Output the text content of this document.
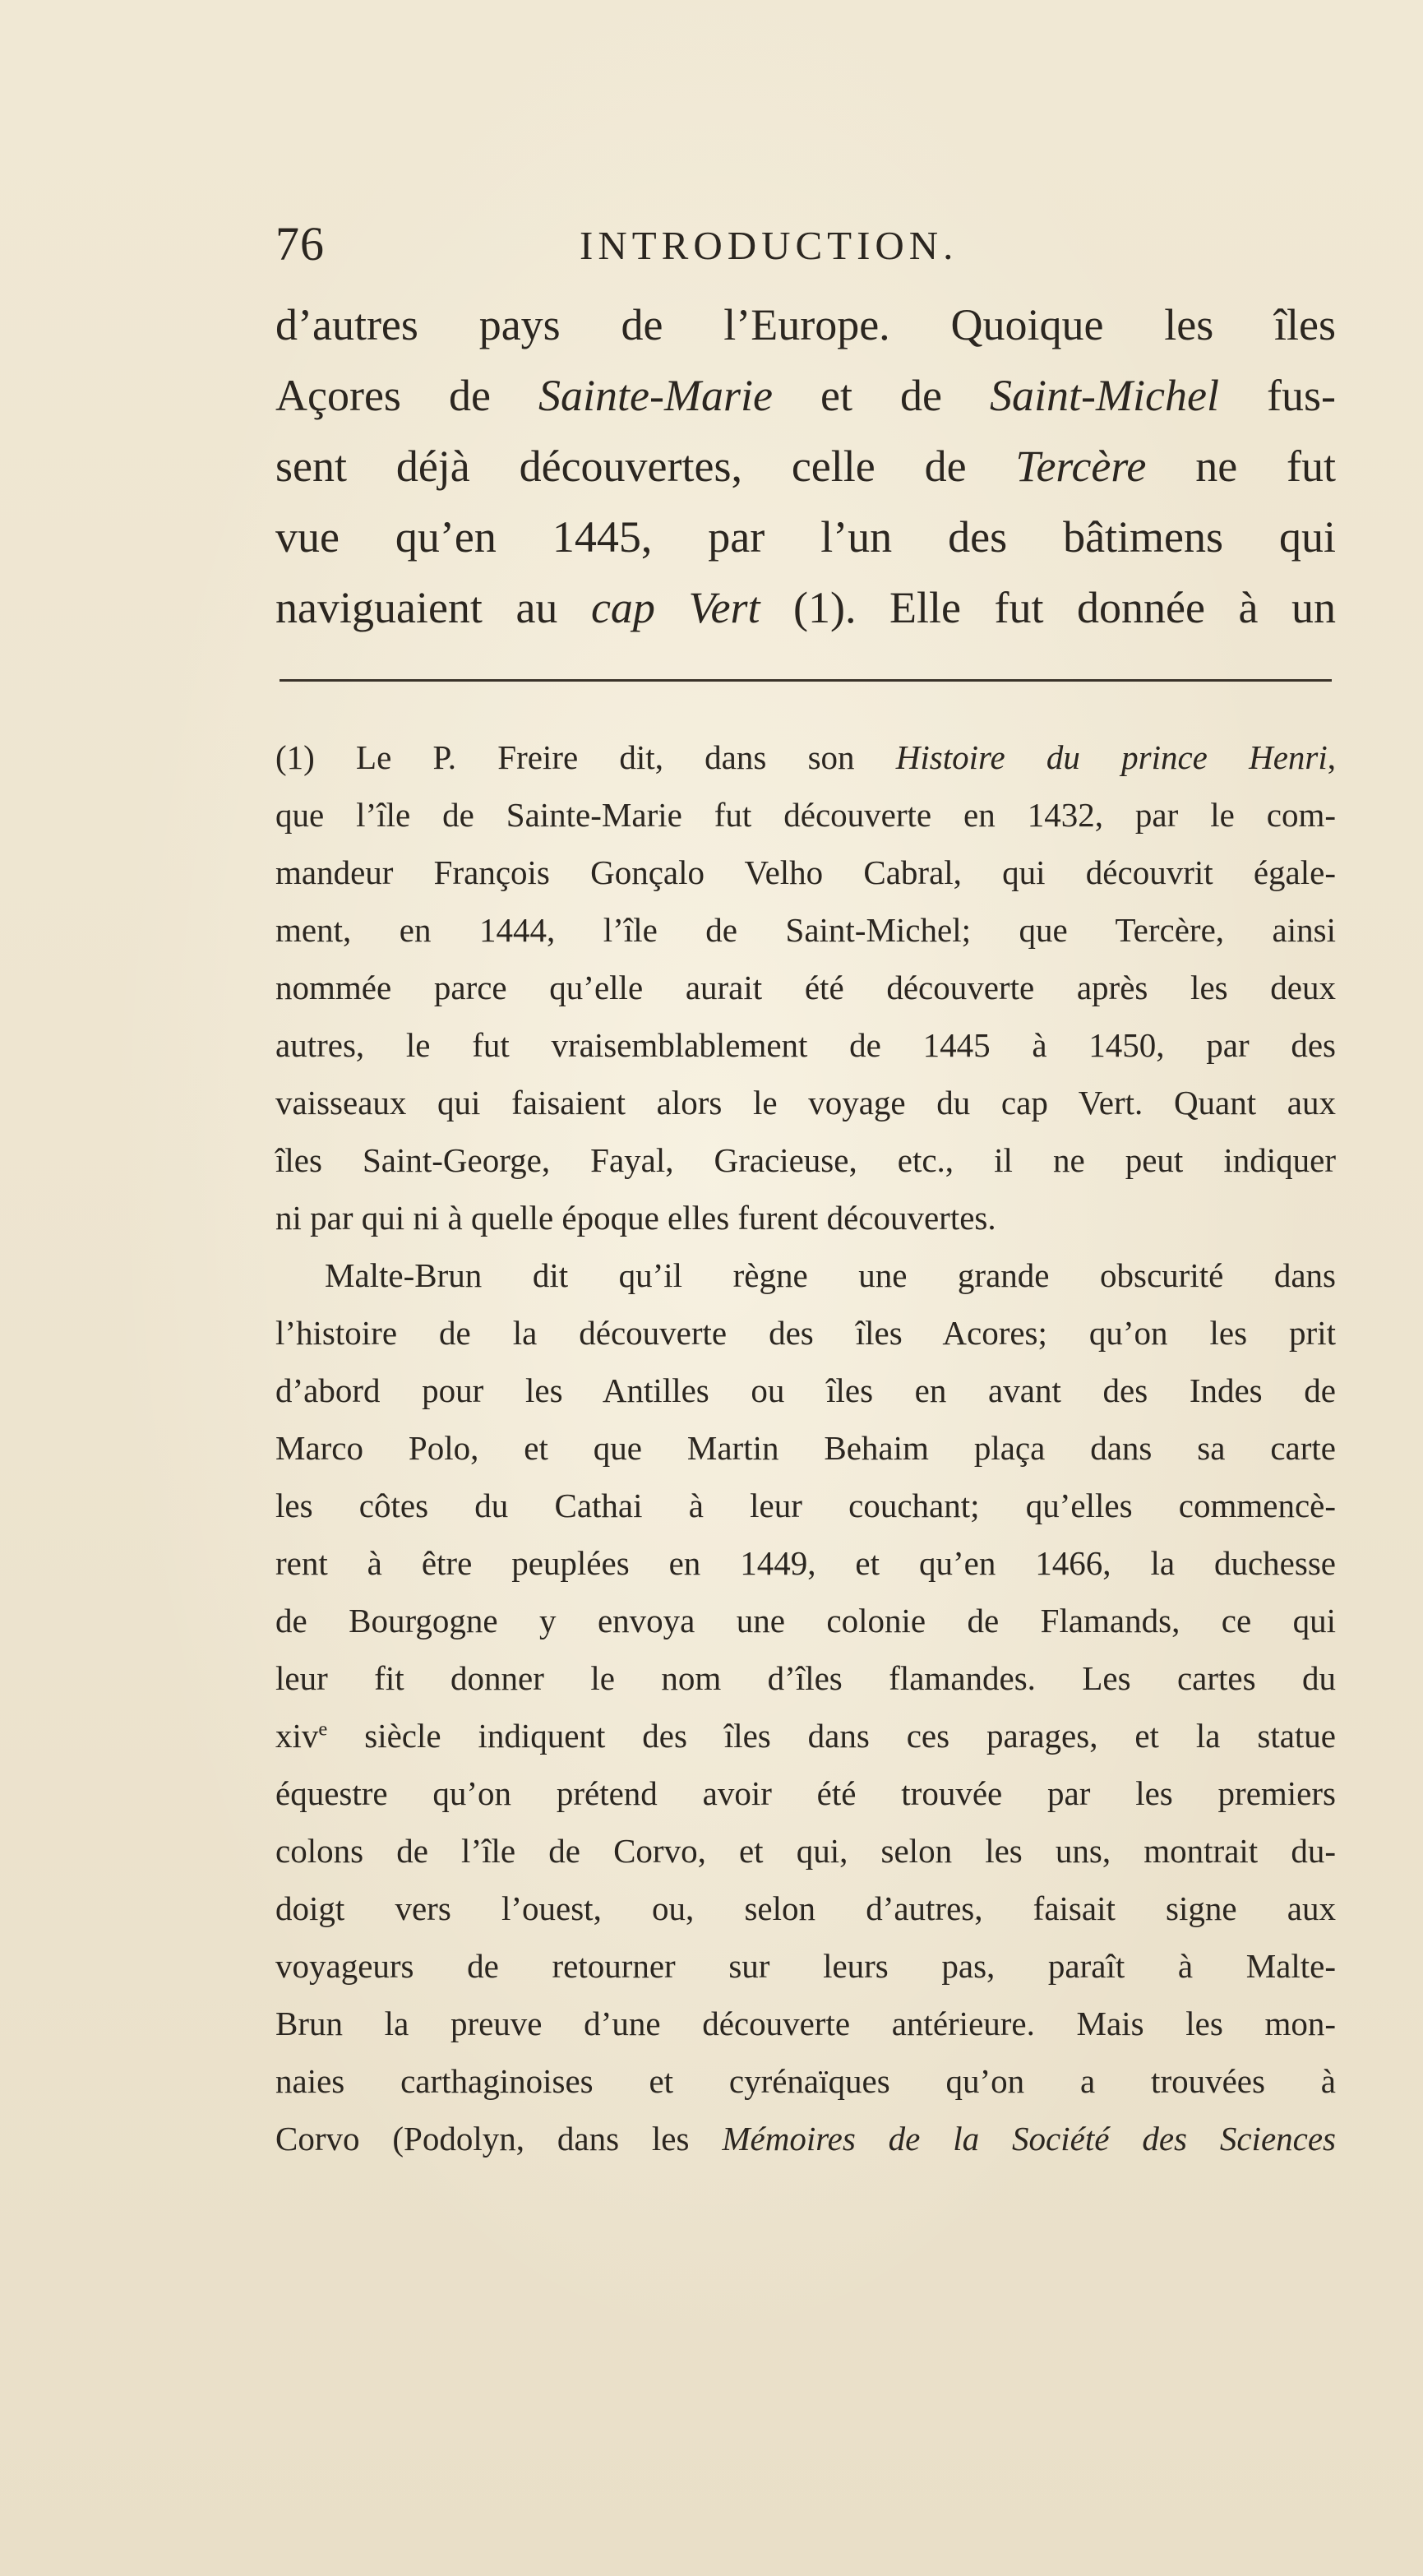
76	INTRODUCTION.
d’autres pays de l’Europe. Quoique les îles
Açores de Sainte-Marie et de Saint-Michel fus-
sent déjà découvertes, celle de Tercère ne fut
vue qu’en 1445, par l’un des bâtimens qui
naviguaient au cap Vert (1). Elle fut donnée à un
(1) Le P. Freire dit, dans son Histoire du prince Henri,
que l’île de Sainte-Marie fut découverte en 1432, par le com-
mandeur François Gonçalo Velho Cabral, qui découvrit égale-
ment, en 1444, l’île de Saint-Michel; que Tercère, ainsi
nommée parce qu’elle aurait été découverte après les deux
autres, le fut vraisemblablement de 1445 à 1450, par des
vaisseaux qui faisaient alors le voyage du cap Vert. Quant aux
îles Saint-George, Fayal, Gracieuse, etc., il ne peut indiquer
ni par qui ni à quelle époque elles furent découvertes.
Malte-Brun dit qu’il règne une grande obscurité dans
l’histoire de la découverte des îles Acores; qu’on les prit
d’abord pour les Antilles ou îles en avant des Indes de
Marco Polo, et que Martin Behaim plaça dans sa carte
les côtes du Cathai à leur couchant; qu’elles commencè-
rent à être peuplées en 1449, et qu’en 1466, la duchesse
de Bourgogne y envoya une colonie de Flamands, ce qui
leur fit donner le nom d’îles flamandes. Les cartes du
xiv$^e$ siècle indiquent des îles dans ces parages, et la statue
équestre qu’on prétend avoir été trouvée par les premiers
colons de l’île de Corvo, et qui, selon les uns, montrait du-
doigt vers l’ouest, ou, selon d’autres, faisait signe aux
voyageurs de retourner sur leurs pas, paraît à Malte-
Brun la preuve d’une découverte antérieure. Mais les mon-
naies carthaginoises et cyrénaïques qu’on a trouvées à
Corvo (Podolyn, dans les Mémoires de la Société des Sciences
